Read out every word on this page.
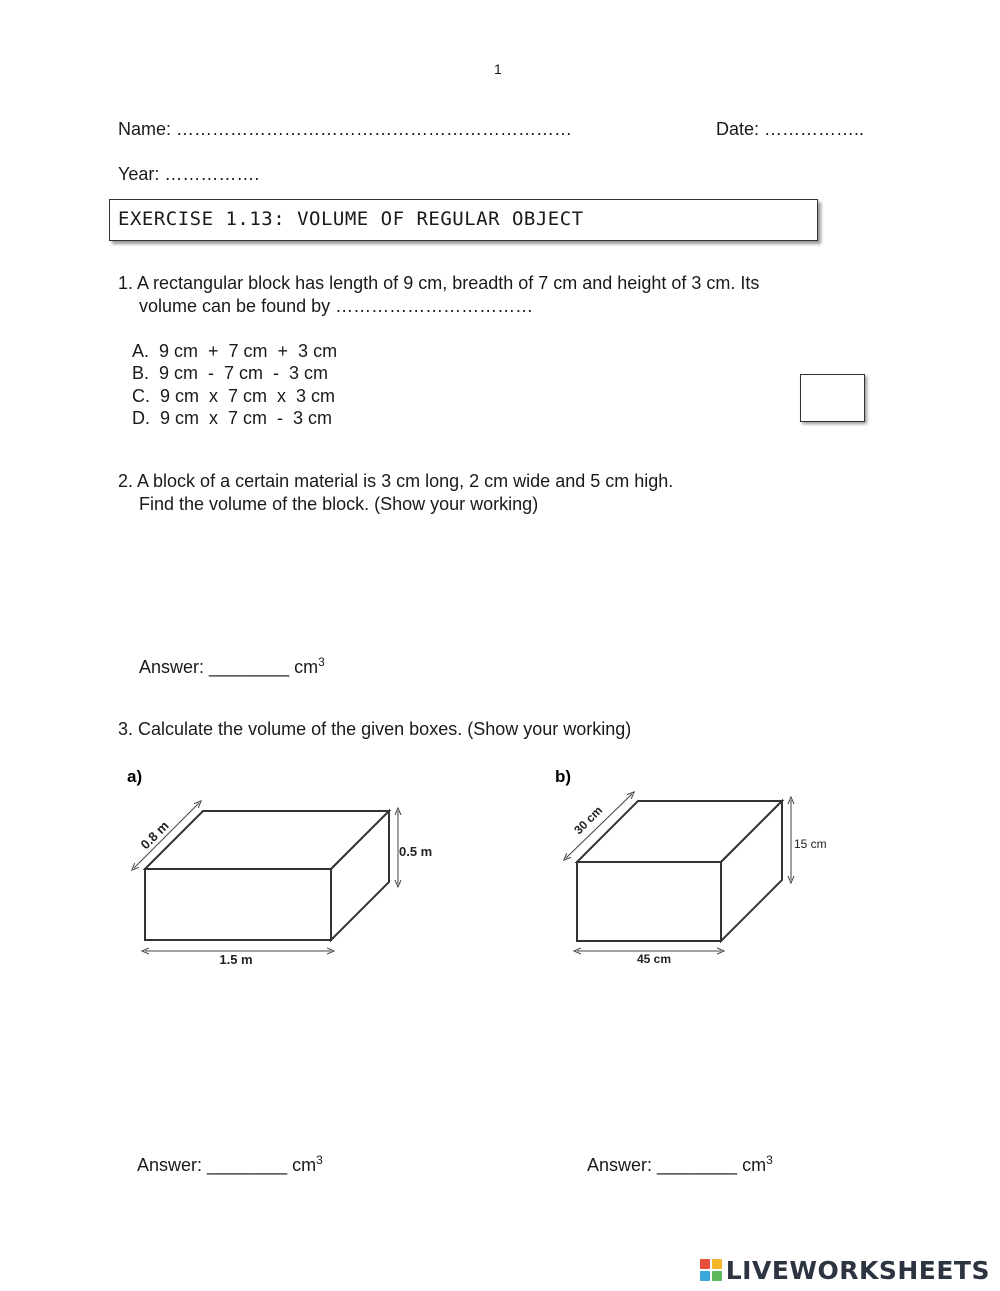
1
Name: …………………………………………………………	Date: ……………..
Year: …………….
EXERCISE 1.13: VOLUME OF REGULAR OBJECT
1. A rectangular block has length of 9 cm, breadth of 7 cm and height of 3 cm. Its
volume can be found by ……………………………
A.  9 cm  +  7 cm  +  3 cm
B.  9 cm  -  7 cm  -  3 cm
C.  9 cm  x  7 cm  x  3 cm
D.  9 cm  x  7 cm  -  3 cm
2. A block of a certain material is 3 cm long, 2 cm wide and 5 cm high.
Find the volume of the block. (Show your working)
Answer: ________ $cm^3$
3. Calculate the volume of the given boxes. (Show your working)
a)
1.5 m
0.5 m
0.8 m
b)
45 cm
15 cm
30 cm
Answer: ________ $cm^3$	Answer: ________ $cm^3$
LIVEWORKSHEETS
